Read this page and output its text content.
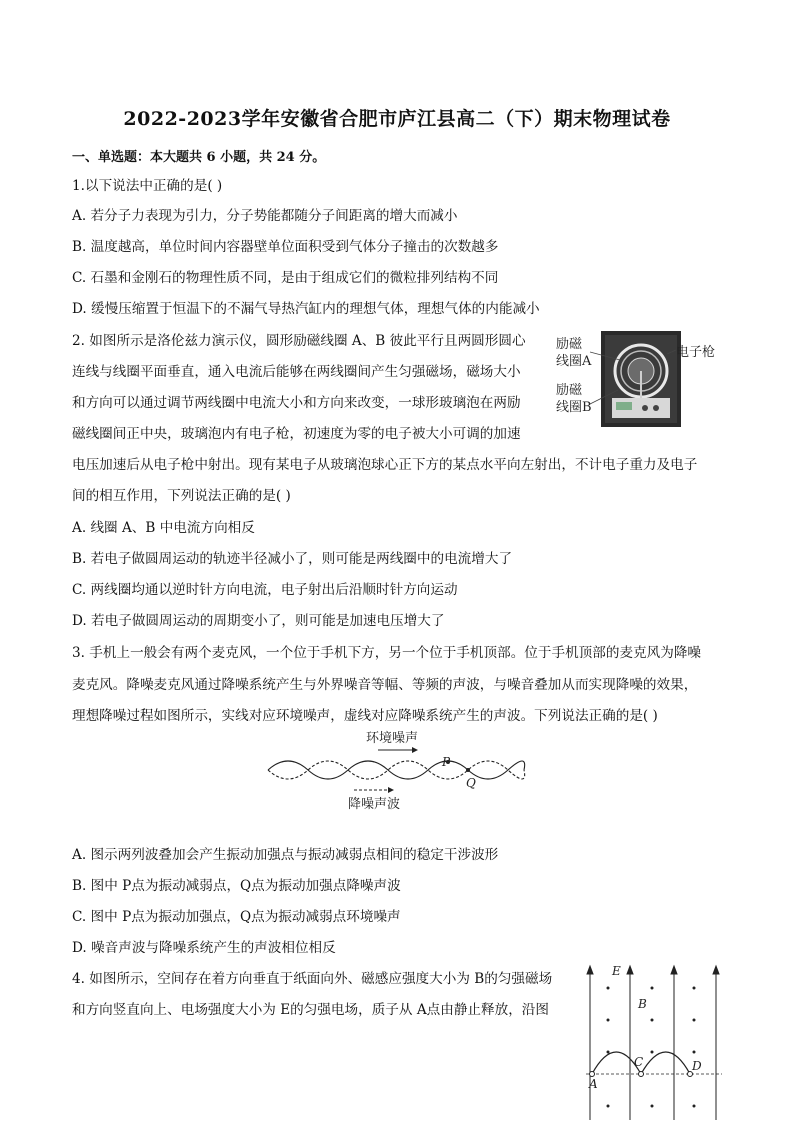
2022-2023学年安徽省合肥市庐江县高二（下）期末物理试卷
一、单选题：本大题共 6 小题，共 24 分。
1.以下说法中正确的是( )
A. 若分子力表现为引力，分子势能都随分子间距离的增大而减小
B. 温度越高，单位时间内容器壁单位面积受到气体分子撞击的次数越多
C. 石墨和金刚石的物理性质不同，是由于组成它们的微粒排列结构不同
D. 缓慢压缩置于恒温下的不漏气导热汽缸内的理想气体，理想气体的内能减小
2. 如图所示是洛伦兹力演示仪，圆形励磁线圈 A、B 彼此平行且两圆形圆心
连线与线圈平面垂直，通入电流后能够在两线圈间产生匀强磁场，磁场大小
和方向可以通过调节两线圈中电流大小和方向来改变，一球形玻璃泡在两励
磁线圈间正中央，玻璃泡内有电子枪，初速度为零的电子被大小可调的加速
电压加速后从电子枪中射出。现有某电子从玻璃泡球心正下方的某点水平向左射出，不计电子重力及电子
间的相互作用，下列说法正确的是( )
A. 线圈 A、B 中电流方向相反
B. 若电子做圆周运动的轨迹半径减小了，则可能是两线圈中的电流增大了
C. 两线圈均通以逆时针方向电流，电子射出后沿顺时针方向运动
D. 若电子做圆周运动的周期变小了，则可能是加速电压增大了
励磁
线圈A
励磁
线圈B
电子枪
3. 手机上一般会有两个麦克风，一个位于手机下方，另一个位于手机顶部。位于手机顶部的麦克风为降噪
麦克风。降噪麦克风通过降噪系统产生与外界噪音等幅、等频的声波，与噪音叠加从而实现降噪的效果，
理想降噪过程如图所示，实线对应环境噪声，虚线对应降噪系统产生的声波。下列说法正确的是( )
环境噪声
P
Q
降噪声波
A. 图示两列波叠加会产生振动加强点与振动减弱点相间的稳定干涉波形
B. 图中 P点为振动减弱点，Q点为振动加强点降噪声波
C. 图中 P点为振动加强点，Q点为振动减弱点环境噪声
D. 噪音声波与降噪系统产生的声波相位相反
4. 如图所示，空间存在着方向垂直于纸面向外、磁感应强度大小为 B的匀强磁场
和方向竖直向上、电场强度大小为 E的匀强电场，质子从 A点由静止释放，沿图
E
B
A
C	D
